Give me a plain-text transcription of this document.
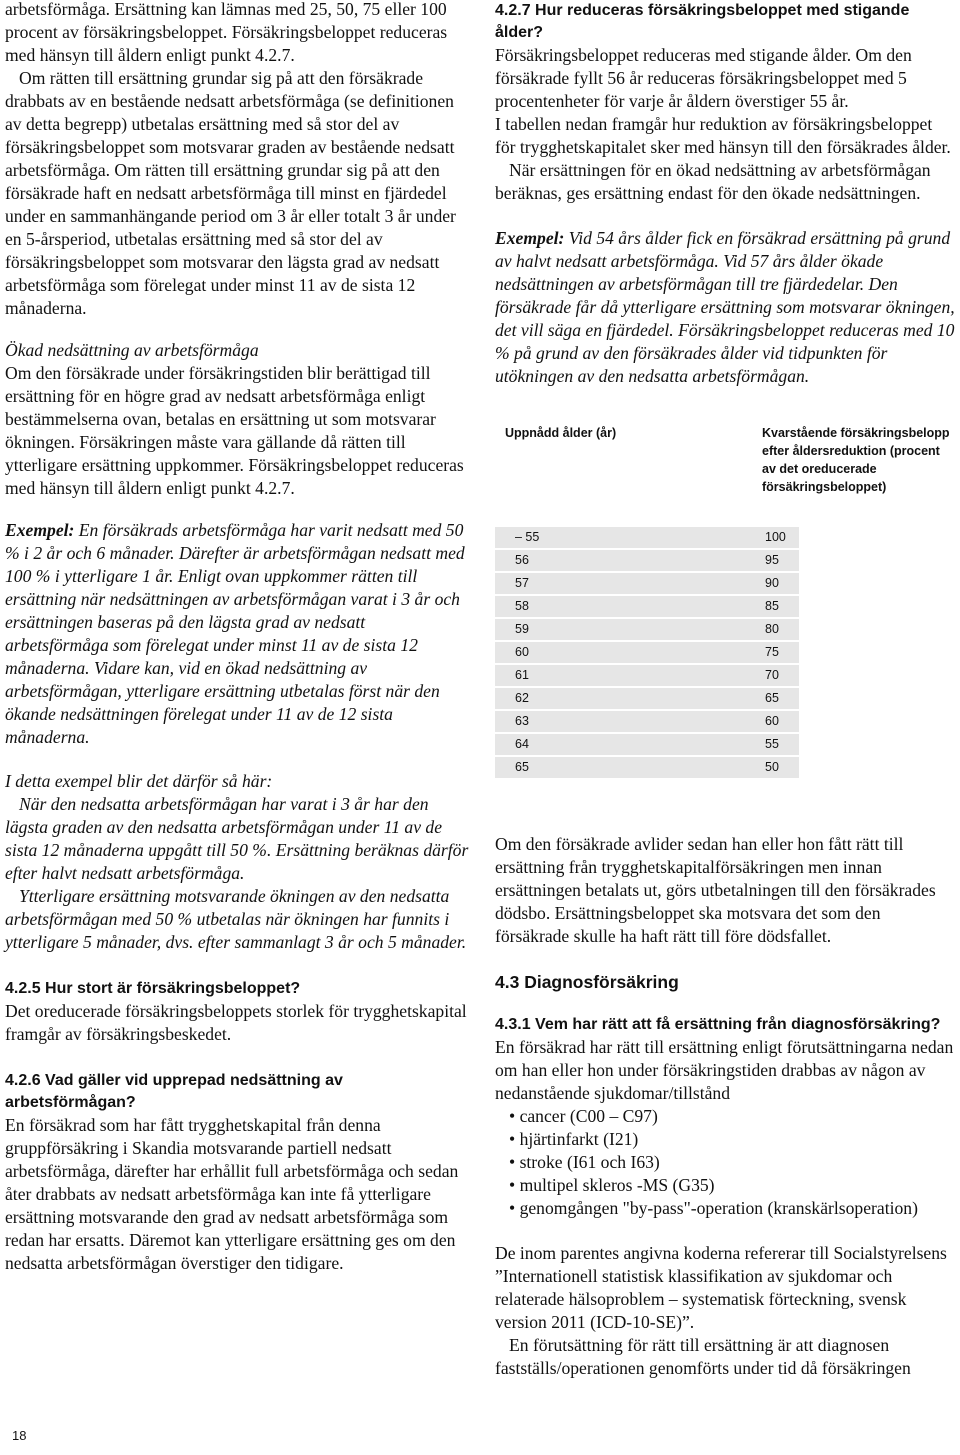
arbetsförmåga. Ersättning kan lämnas med 25, 50, 75 eller 100 procent av försäkringsbeloppet. Försäkringsbeloppet reduceras med hänsyn till åldern enligt punkt 4.2.7.

Om rätten till ersättning grundar sig på att den försäkrade drabbats av en bestående nedsatt arbetsförmåga (se definitionen av detta begrepp) utbetalas ersättning med så stor del av försäkringsbeloppet som motsvarar graden av bestående nedsatt arbetsförmåga. Om rätten till ersättning grundar sig på att den försäkrade haft en nedsatt arbetsförmåga till minst en fjärdedel under en sammanhängande period om 3 år eller totalt 3 år under en 5-årsperiod, utbetalas ersättning med så stor del av försäkringsbeloppet som motsvarar den lägsta grad av nedsatt arbetsförmåga som förelegat under minst 11 av de sista 12 månaderna.

Ökad nedsättning av arbetsförmåga

Om den försäkrade under försäkringstiden blir berättigad till ersättning för en högre grad av nedsatt arbetsförmåga enligt bestämmelserna ovan, betalas en ersättning ut som motsvarar ökningen. Försäkringen måste vara gällande då rätten till ytterligare ersättning uppkommer. Försäkringsbeloppet reduceras med hänsyn till åldern enligt punkt 4.2.7.

Exempel: En försäkrads arbetsförmåga har varit nedsatt med 50 % i 2 år och 6 månader. Därefter är arbetsförmågan nedsatt med 100 % i ytterligare 1 år. Enligt ovan uppkommer rätten till ersättning när nedsättningen av arbetsförmågan varat i 3 år och ersättningen baseras på den lägsta grad av nedsatt arbetsförmåga som förelegat under minst 11 av de sista 12 månaderna. Vidare kan, vid en ökad nedsättning av arbetsförmågan, ytterligare ersättning utbetalas först när den ökande nedsättningen förelegat under 11 av de 12 sista månaderna.

I detta exempel blir det därför så här:

När den nedsatta arbetsförmågan har varat i 3 år har den lägsta graden av den nedsatta arbetsförmågan under 11 av de sista 12 månaderna uppgått till 50 %. Ersättning beräknas därför efter halvt nedsatt arbetsförmåga.

Ytterligare ersättning motsvarande ökningen av den nedsatta arbetsförmågan med 50 % utbetalas när ökningen har funnits i ytterligare 5 månader, dvs. efter sammanlagt 3 år och 5 månader.

4.2.5 Hur stort är försäkringsbeloppet?

Det oreducerade försäkringsbeloppets storlek för trygghetskapital framgår av försäkringsbeskedet.

4.2.6 Vad gäller vid upprepad nedsättning av arbetsförmågan?

En försäkrad som har fått trygghetskapital från denna gruppförsäkring i Skandia motsvarande partiell nedsatt arbetsförmåga, därefter har erhållit full arbetsförmåga och sedan åter drabbats av nedsatt arbetsförmåga kan inte få ytterligare ersättning motsvarande den grad av nedsatt arbetsförmåga som redan har ersatts. Däremot kan ytterligare ersättning ges om den nedsatta arbetsförmågan överstiger den tidigare.

4.2.7 Hur reduceras försäkringsbeloppet med stigande ålder?

Försäkringsbeloppet reduceras med stigande ålder. Om den försäkrade fyllt 56 år reduceras försäkringsbeloppet med 5 procentenheter för varje år åldern överstiger 55 år.

I tabellen nedan framgår hur reduktion av försäkringsbeloppet för trygghetskapitalet sker med hänsyn till den försäkrades ålder.

När ersättningen för en ökad nedsättning av arbetsförmågan beräknas, ges ersättning endast för den ökade nedsättningen.

Exempel: Vid 54 års ålder fick en försäkrad ersättning på grund av halvt nedsatt arbetsförmåga. Vid 57 års ålder ökade nedsättningen av arbetsförmågan till tre fjärdedelar. Den försäkrade får då ytterligare ersättning som motsvarar ökningen, det vill säga en fjärdedel. Försäkringsbeloppet reduceras med 10 % på grund av den försäkrades ålder vid tidpunkten för utökningen av den nedsatta arbetsförmågan.

Uppnådd ålder (år)	Kvarstående försäkringsbelopp efter åldersreduktion (procent av det oreducerade försäkringsbeloppet)
– 55	100
56	95
57	90
58	85
59	80
60	75
61	70
62	65
63	60
64	55
65	50

Om den försäkrade avlider sedan han eller hon fått rätt till ersättning från trygghetskapitalförsäkringen men innan ersättningen betalats ut, görs utbetalningen till den försäkrades dödsbo. Ersättningsbeloppet ska motsvara det som den försäkrade skulle ha haft rätt till före dödsfallet.

4.3 Diagnosförsäkring
4.3.1 Vem har rätt att få ersättning från diagnosförsäkring?

En försäkrad har rätt till ersättning enligt förutsättningarna nedan om han eller hon under försäkringstiden drabbas av någon av nedanstående sjukdomar/tillstånd

• cancer (C00 – C97)
• hjärtinfarkt (I21)
• stroke (I61 och I63)
• multipel skleros -MS (G35)
• genomgången "by-pass"-operation (kranskärlsoperation)

De inom parentes angivna koderna refererar till Socialstyrelsens ”Internationell statistisk klassifikation av sjukdomar och relaterade hälsoproblem – systematisk förteckning, svensk version 2011 (ICD-10-SE)”.

En förutsättning för rätt till ersättning är att diagnosen fastställs/operationen genomförts under tid då försäkringen

18
